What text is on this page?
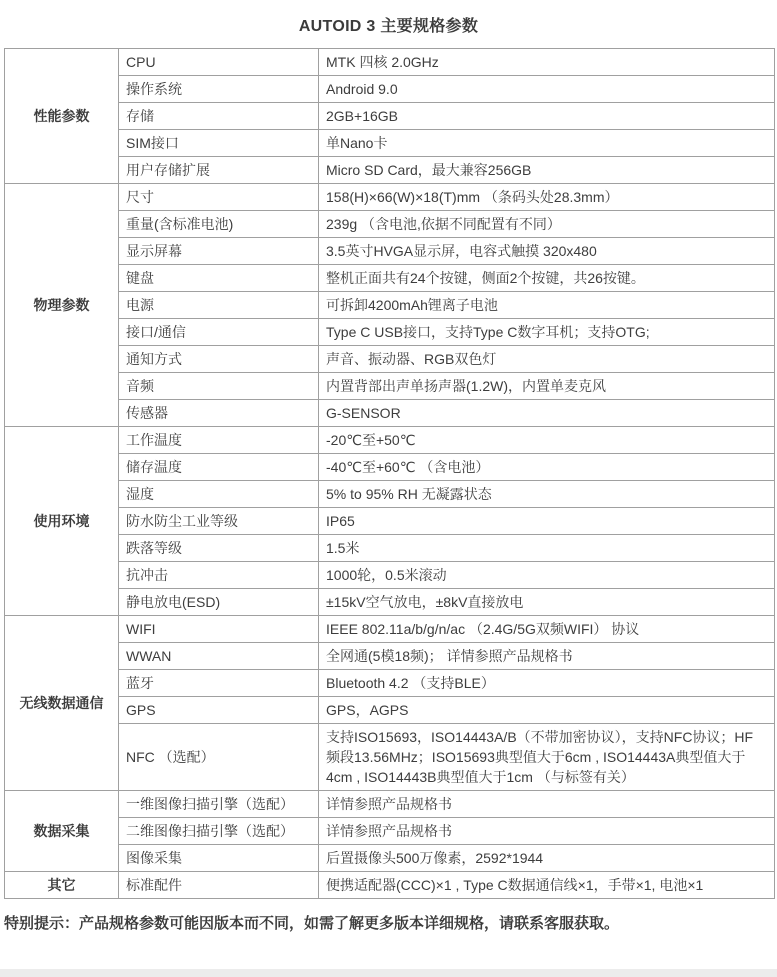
AUTOID 3 主要规格参数
性能参数	CPU	MTK 四核 2.0GHz
	操作系统	Android 9.0
	存储	2GB+16GB
	SIM接口	单Nano卡
	用户存储扩展	Micro SD Card，最大兼容256GB
物理参数	尺寸	158(H)×66(W)×18(T)mm （条码头处28.3mm）
	重量(含标准电池)	239g （含电池,依据不同配置有不同）
	显示屏幕	3.5英寸HVGA显示屏，电容式触摸 320x480
	键盘	整机正面共有24个按键，侧面2个按键，共26按键。
	电源	可拆卸4200mAh锂离子电池
	接口/通信	Type C USB接口，支持Type C数字耳机；支持OTG;
	通知方式	声音、振动器、RGB双色灯
	音频	内置背部出声单扬声器(1.2W)，内置单麦克风
	传感器	G-SENSOR
使用环境	工作温度	-20℃至+50℃
	储存温度	-40℃至+60℃ （含电池）
	湿度	5% to 95% RH 无凝露状态
	防水防尘工业等级	IP65
	跌落等级	1.5米
	抗冲击	1000轮，0.5米滚动
	静电放电(ESD)	±15kV空气放电，±8kV直接放电
无线数据通信	WIFI	IEEE 802.11a/b/g/n/ac （2.4G/5G双频WIFI） 协议
	WWAN	全网通(5模18频)； 详情参照产品规格书
	蓝牙	Bluetooth 4.2 （支持BLE）
	GPS	GPS，AGPS
	NFC （选配）	支持ISO15693，ISO14443A/B（不带加密协议），支持NFC协议；HF频段13.56MHz；ISO15693典型值大于6cm , ISO14443A典型值大于4cm , ISO14443B典型值大于1cm （与标签有关）
数据采集	一维图像扫描引擎（选配）	详情参照产品规格书
	二维图像扫描引擎（选配）	详情参照产品规格书
	图像采集	后置摄像头500万像素，2592*1944
其它	标准配件	便携适配器(CCC)×1 , Type C数据通信线×1，手带×1, 电池×1
特别提示：产品规格参数可能因版本而不同，如需了解更多版本详细规格，请联系客服获取。
